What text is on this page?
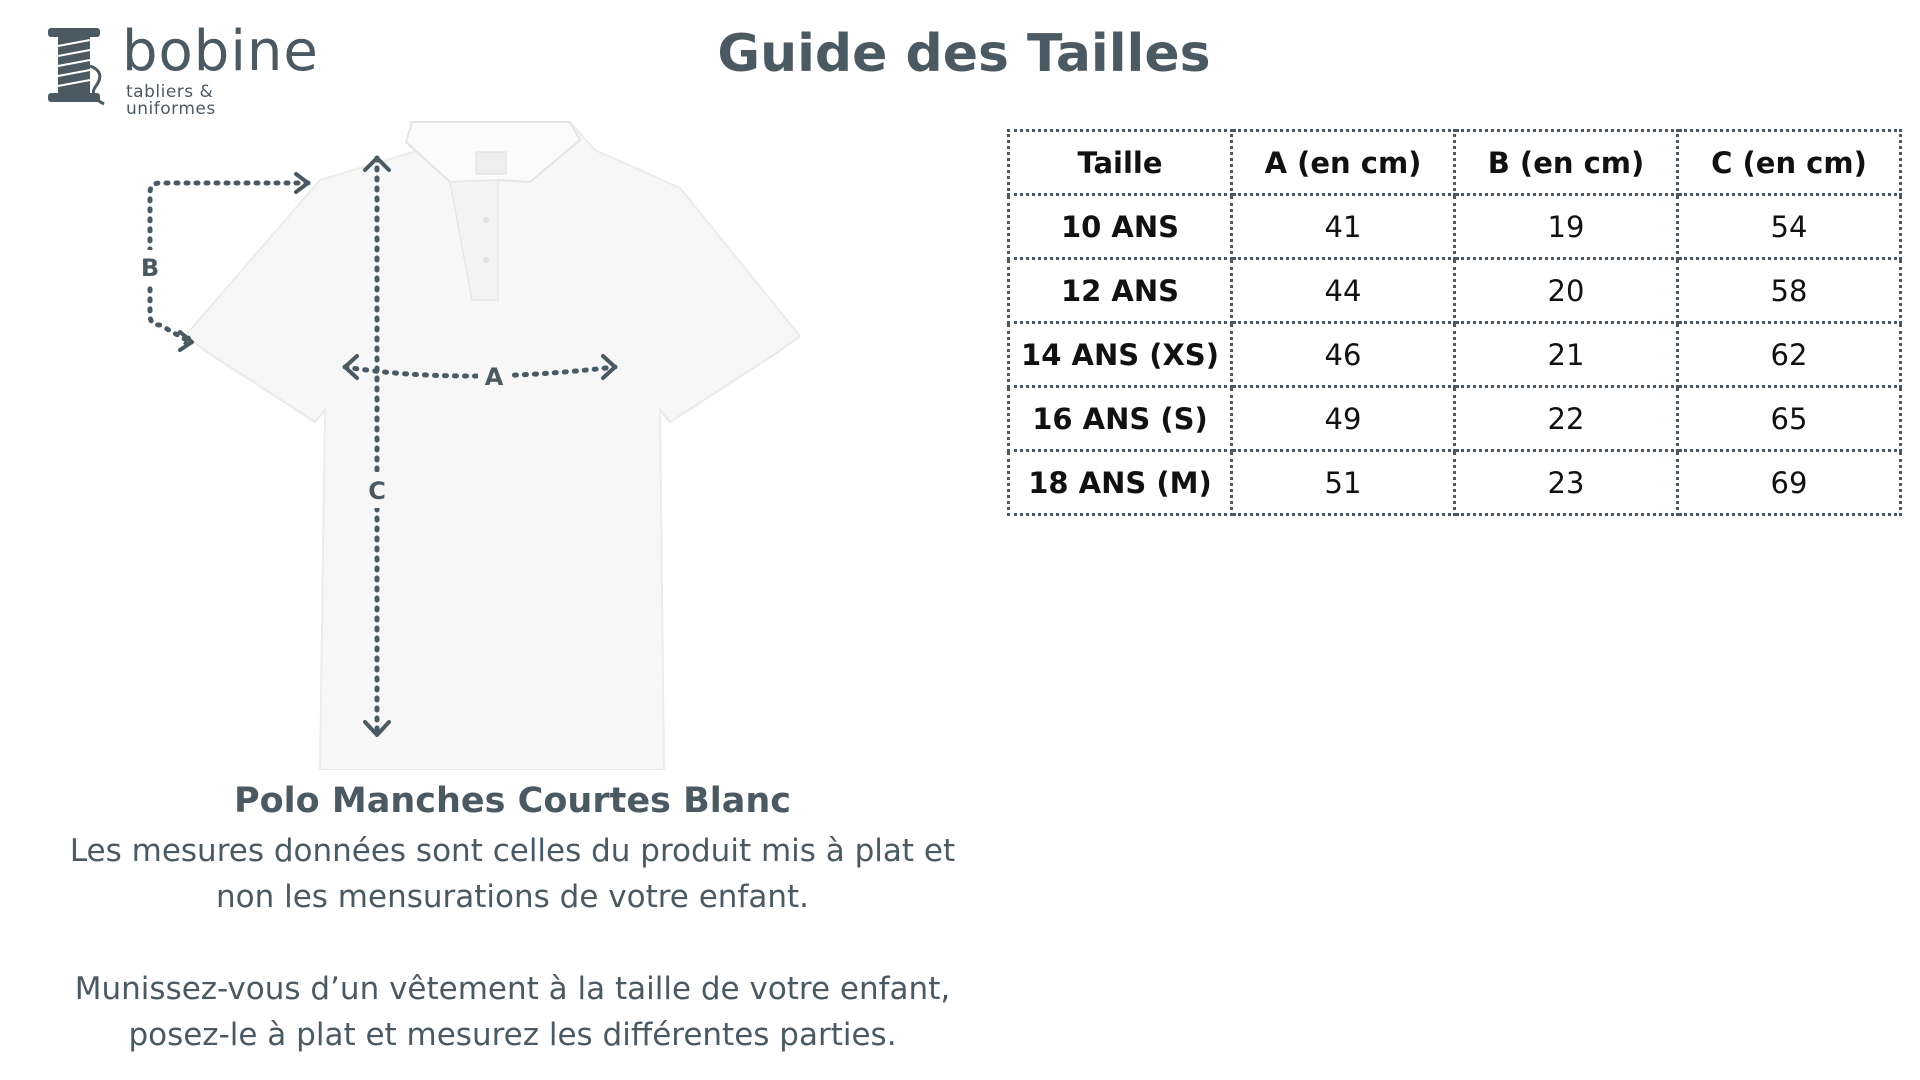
bobine
tabliers & uniformes
Guide des Tailles
B
C
A

Polo Manches Courtes Blanc

Les mesures données sont celles du produit mis à plat et
non les mensurations de votre enfant.

Munissez-vous d’un vêtement à la taille de votre enfant,
posez-le à plat et mesurez les différentes parties.

Taille	A (en cm)	B (en cm)	C (en cm)
10 ANS	41	19	54
12 ANS	44	20	58
14 ANS (XS)	46	21	62
16 ANS (S)	49	22	65
18 ANS (M)	51	23	69
